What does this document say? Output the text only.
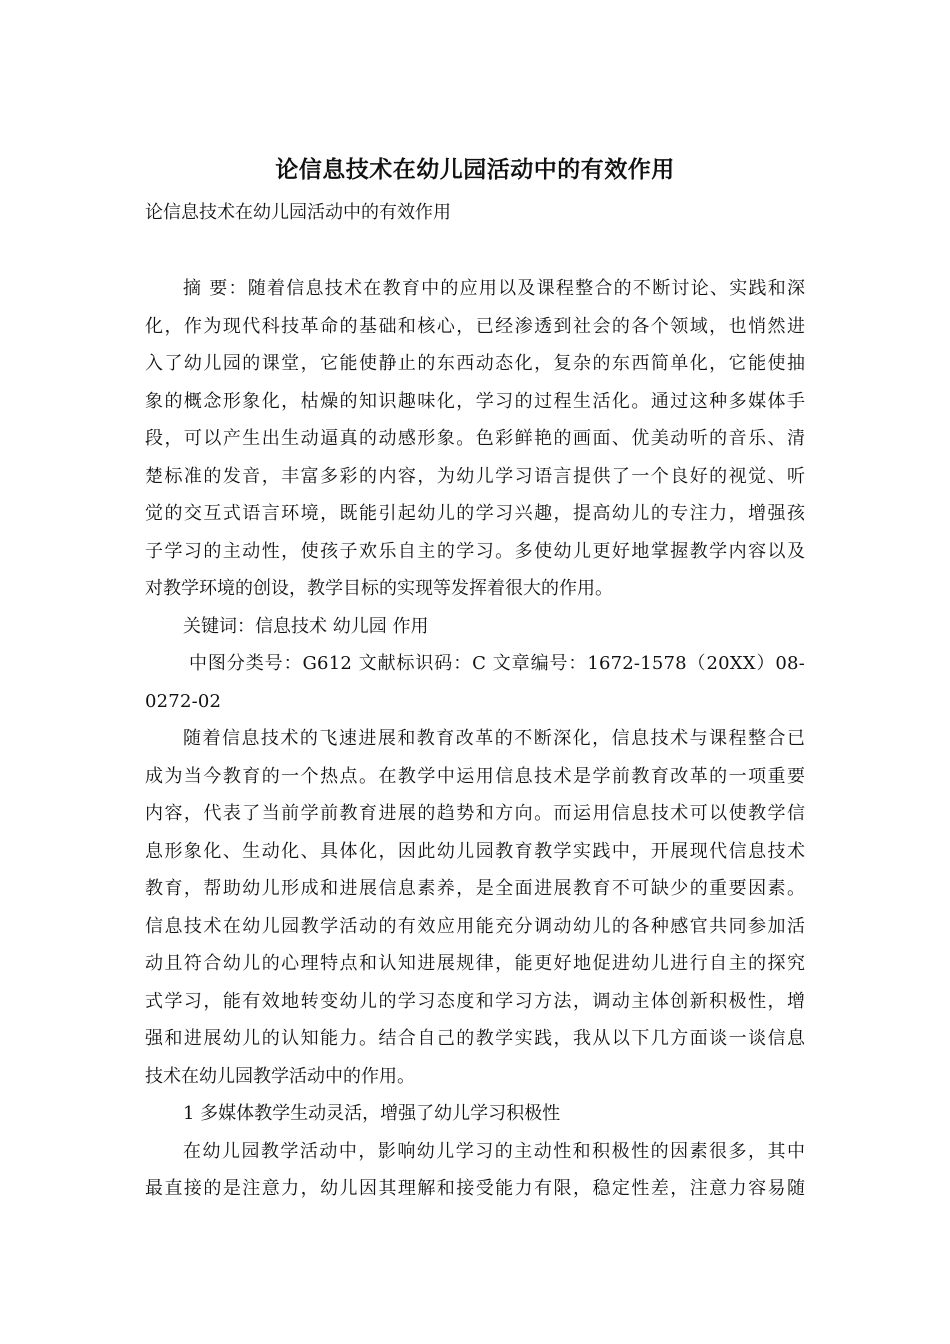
论信息技术在幼儿园活动中的有效作用
论信息技术在幼儿园活动中的有效作用
摘 要：随着信息技术在教育中的应用以及课程整合的不断讨论、实践和深
化，作为现代科技革命的基础和核心，已经渗透到社会的各个领域，也悄然进
入了幼儿园的课堂，它能使静止的东西动态化，复杂的东西简单化，它能使抽
象的概念形象化，枯燥的知识趣味化，学习的过程生活化。通过这种多媒体手
段，可以产生出生动逼真的动感形象。色彩鲜艳的画面、优美动听的音乐、清
楚标准的发音，丰富多彩的内容，为幼儿学习语言提供了一个良好的视觉、听
觉的交互式语言环境，既能引起幼儿的学习兴趣，提高幼儿的专注力，增强孩
子学习的主动性，使孩子欢乐自主的学习。多使幼儿更好地掌握教学内容以及
对教学环境的创设，教学目标的实现等发挥着很大的作用。
关键词：信息技术 幼儿园 作用
中图分类号：G612 文献标识码：C 文章编号：1672-1578（20XX）08-
0272-02
随着信息技术的飞速进展和教育改革的不断深化，信息技术与课程整合已
成为当今教育的一个热点。在教学中运用信息技术是学前教育改革的一项重要
内容，代表了当前学前教育进展的趋势和方向。而运用信息技术可以使教学信
息形象化、生动化、具体化，因此幼儿园教育教学实践中，开展现代信息技术
教育，帮助幼儿形成和进展信息素养，是全面进展教育不可缺少的重要因素。
信息技术在幼儿园教学活动的有效应用能充分调动幼儿的各种感官共同参加活
动且符合幼儿的心理特点和认知进展规律，能更好地促进幼儿进行自主的探究
式学习，能有效地转变幼儿的学习态度和学习方法，调动主体创新积极性，增
强和进展幼儿的认知能力。结合自己的教学实践，我从以下几方面谈一谈信息
技术在幼儿园教学活动中的作用。
1 多媒体教学生动灵活，增强了幼儿学习积极性
在幼儿园教学活动中，影响幼儿学习的主动性和积极性的因素很多，其中
最直接的是注意力，幼儿因其理解和接受能力有限，稳定性差，注意力容易随
